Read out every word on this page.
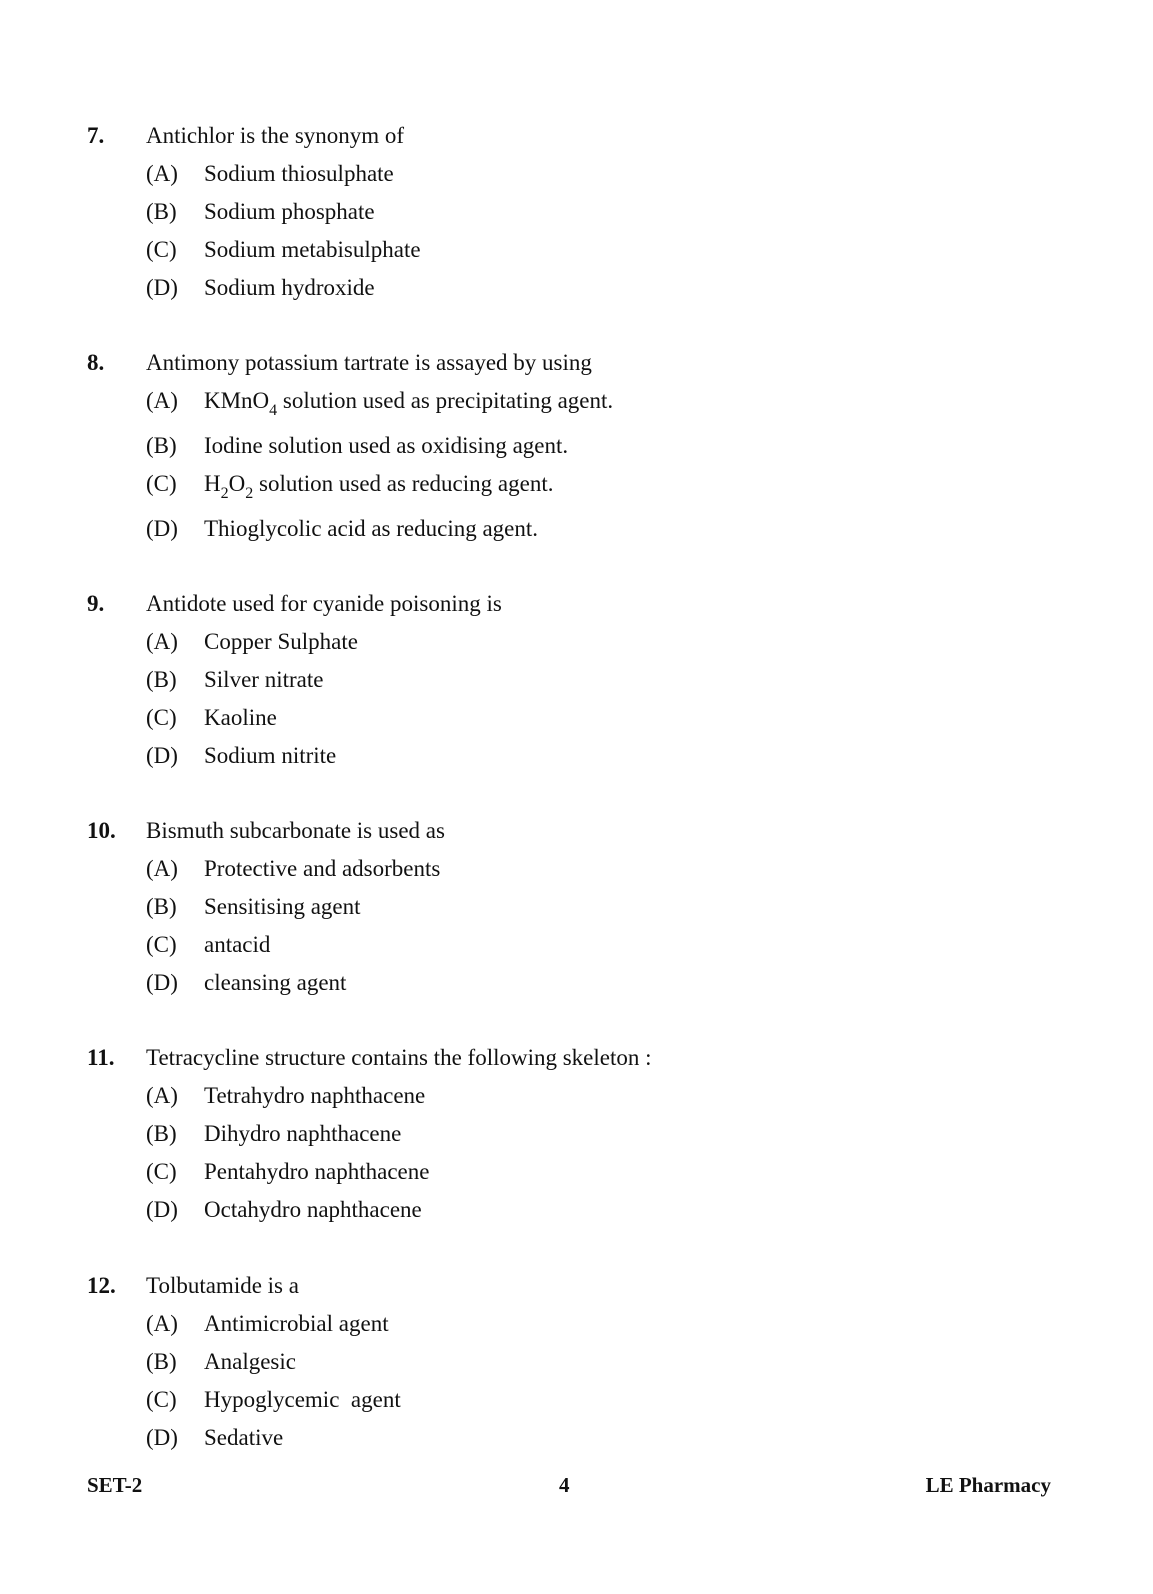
7. Antichlor is the synonym of
(A) Sodium thiosulphate
(B) Sodium phosphate
(C) Sodium metabisulphate
(D) Sodium hydroxide
8. Antimony potassium tartrate is assayed by using
(A) KMnO$_4$ solution used as precipitating agent.
(B) Iodine solution used as oxidising agent.
(C) $H_2O_2$ solution used as reducing agent.
(D) Thioglycolic acid as reducing agent.
9. Antidote used for cyanide poisoning is
(A) Copper Sulphate
(B) Silver nitrate
(C) Kaoline
(D) Sodium nitrite
10. Bismuth subcarbonate is used as
(A) Protective and adsorbents
(B) Sensitising agent
(C) antacid
(D) cleansing agent
11. Tetracycline structure contains the following skeleton :
(A) Tetrahydro naphthacene
(B) Dihydro naphthacene
(C) Pentahydro naphthacene
(D) Octahydro naphthacene
12. Tolbutamide is a
(A) Antimicrobial agent
(B) Analgesic
(C) Hypoglycemic  agent
(D) Sedative
SET-2	4	LE Pharmacy
